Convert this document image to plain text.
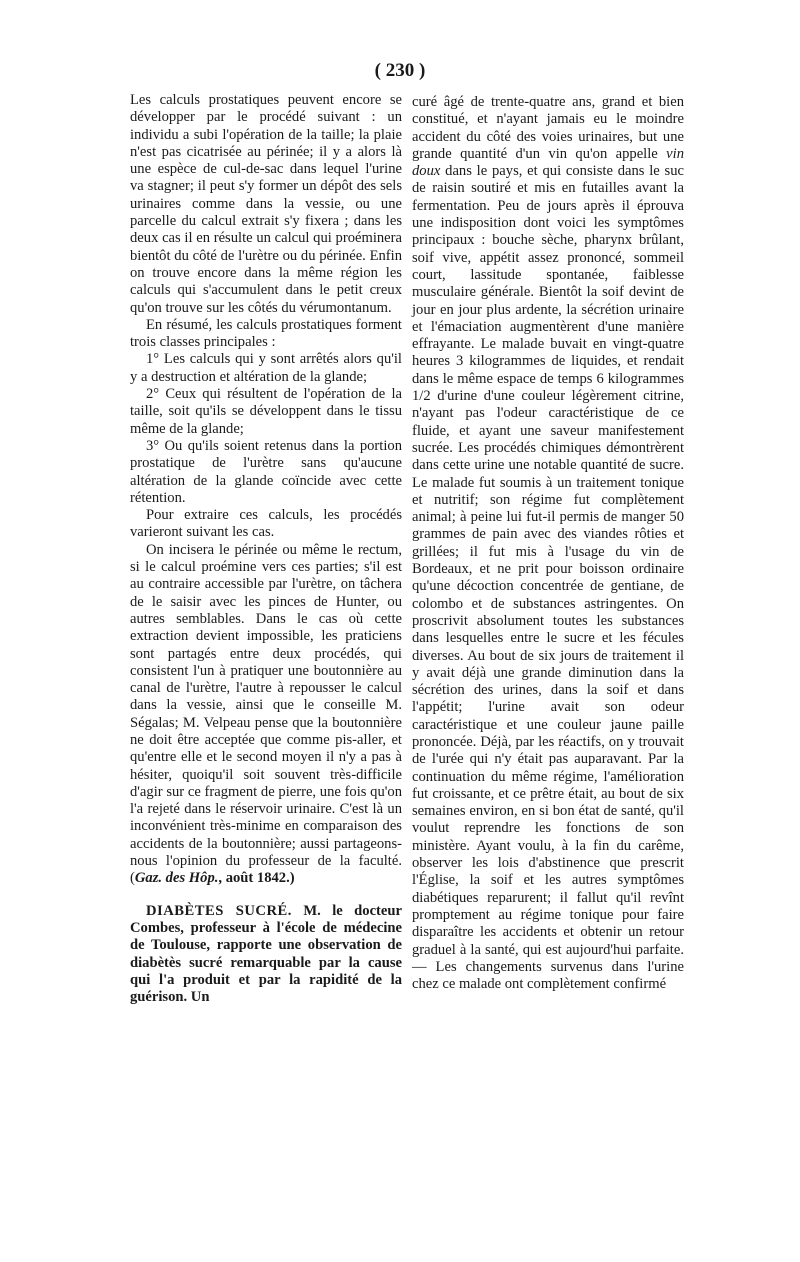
( 230 )

Les calculs prostatiques peuvent encore se développer par le procédé suivant : un individu a subi l'opération de la taille; la plaie n'est pas cicatrisée au périnée; il y a alors là une espèce de cul-de-sac dans lequel l'urine va stagner; il peut s'y former un dépôt des sels urinaires comme dans la vessie, ou une parcelle du calcul extrait s'y fixera ; dans les deux cas il en résulte un calcul qui proéminera bientôt du côté de l'urètre ou du périnée. Enfin on trouve encore dans la même région les calculs qui s'accumulent dans le petit creux qu'on trouve sur les côtés du vérumontanum.

En résumé, les calculs prostatiques forment trois classes principales :

1° Les calculs qui y sont arrêtés alors qu'il y a destruction et altération de la glande;

2° Ceux qui résultent de l'opération de la taille, soit qu'ils se développent dans le tissu même de la glande;

3° Ou qu'ils soient retenus dans la portion prostatique de l'urètre sans qu'aucune altération de la glande coïncide avec cette rétention.

Pour extraire ces calculs, les procédés varieront suivant les cas.

On incisera le périnée ou même le rectum, si le calcul proémine vers ces parties; s'il est au contraire accessible par l'urètre, on tâchera de le saisir avec les pinces de Hunter, ou autres semblables. Dans le cas où cette extraction devient impossible, les praticiens sont partagés entre deux procédés, qui consistent l'un à pratiquer une boutonnière au canal de l'urètre, l'autre à repousser le calcul dans la vessie, ainsi que le conseille M. Ségalas; M. Velpeau pense que la boutonnière ne doit être acceptée que comme pis-aller, et qu'entre elle et le second moyen il n'y a pas à hésiter, quoiqu'il soit souvent très-difficile d'agir sur ce fragment de pierre, une fois qu'on l'a rejeté dans le réservoir urinaire. C'est là un inconvénient très-minime en comparaison des accidents de la boutonnière; aussi partageons-nous l'opinion du professeur de la faculté. (Gaz. des Hôp., août 1842.)

DIABÈTES SUCRÉ. M. le docteur Combes, professeur à l'école de médecine de Toulouse, rapporte une observation de diabètès sucré remarquable par la cause qui l'a produit et par la rapidité de la guérison. Un

curé âgé de trente-quatre ans, grand et bien constitué, et n'ayant jamais eu le moindre accident du côté des voies urinaires, but une grande quantité d'un vin qu'on appelle vin doux dans le pays, et qui consiste dans le suc de raisin soutiré et mis en futailles avant la fermentation. Peu de jours après il éprouva une indisposition dont voici les symptômes principaux : bouche sèche, pharynx brûlant, soif vive, appétit assez prononcé, sommeil court, lassitude spontanée, faiblesse musculaire générale. Bientôt la soif devint de jour en jour plus ardente, la sécrétion urinaire et l'émaciation augmentèrent d'une manière effrayante. Le malade buvait en vingt-quatre heures 3 kilogrammes de liquides, et rendait dans le même espace de temps 6 kilogrammes 1/2 d'urine d'une couleur légèrement citrine, n'ayant pas l'odeur caractéristique de ce fluide, et ayant une saveur manifestement sucrée. Les procédés chimiques démontrèrent dans cette urine une notable quantité de sucre. Le malade fut soumis à un traitement tonique et nutritif; son régime fut complètement animal; à peine lui fut-il permis de manger 50 grammes de pain avec des viandes rôties et grillées; il fut mis à l'usage du vin de Bordeaux, et ne prit pour boisson ordinaire qu'une décoction concentrée de gentiane, de colombo et de substances astringentes. On proscrivit absolument toutes les substances dans lesquelles entre le sucre et les fécules diverses. Au bout de six jours de traitement il y avait déjà une grande diminution dans la sécrétion des urines, dans la soif et dans l'appétit; l'urine avait son odeur caractéristique et une couleur jaune paille prononcée. Déjà, par les réactifs, on y trouvait de l'urée qui n'y était pas auparavant. Par la continuation du même régime, l'amélioration fut croissante, et ce prêtre était, au bout de six semaines environ, en si bon état de santé, qu'il voulut reprendre les fonctions de son ministère. Ayant voulu, à la fin du carême, observer les lois d'abstinence que prescrit l'Église, la soif et les autres symptômes diabétiques reparurent; il fallut qu'il revînt promptement au régime tonique pour faire disparaître les accidents et obtenir un retour graduel à la santé, qui est aujourd'hui parfaite. — Les changements survenus dans l'urine chez ce malade ont complètement confirmé
